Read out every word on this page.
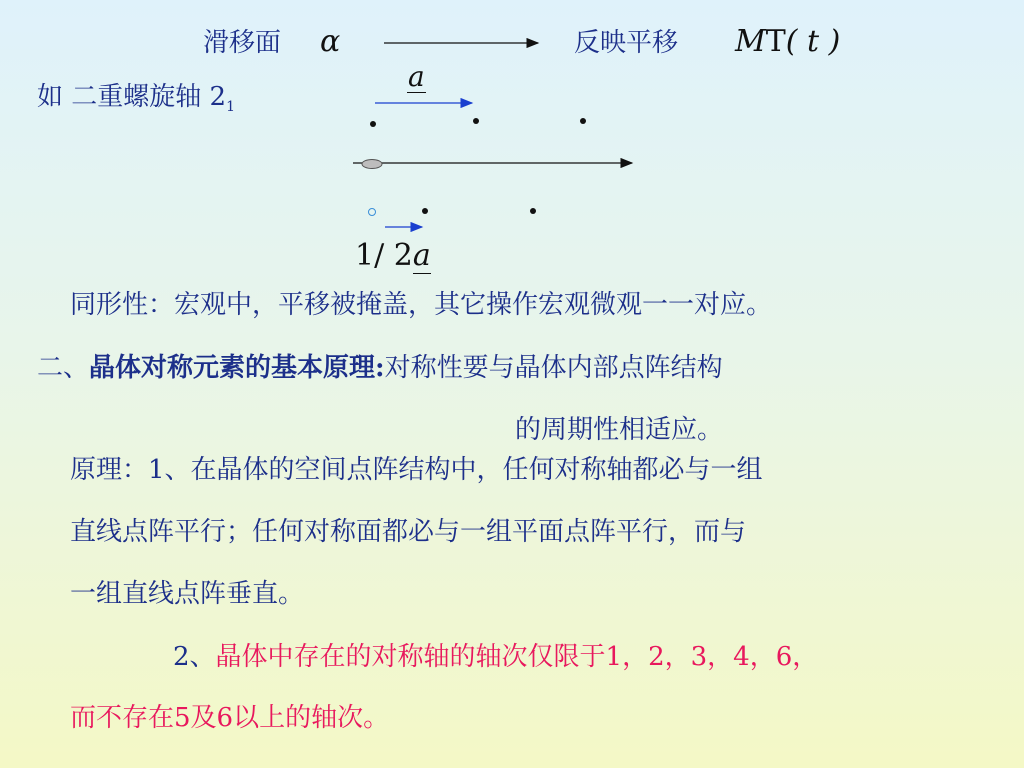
滑移面 α	反映平移 MT( t )
如 二重螺旋轴 $2_1$
a
1/ 2a
同形性：宏观中，平移被掩盖，其它操作宏观微观一一对应。
二、晶体对称元素的基本原理:对称性要与晶体内部点阵结构
的周期性相适应。
原理：1、在晶体的空间点阵结构中，任何对称轴都必与一组
直线点阵平行；任何对称面都必与一组平面点阵平行，而与
一组直线点阵垂直。
2、晶体中存在的对称轴的轴次仅限于1，2，3，4，6，
而不存在5及6以上的轴次。
